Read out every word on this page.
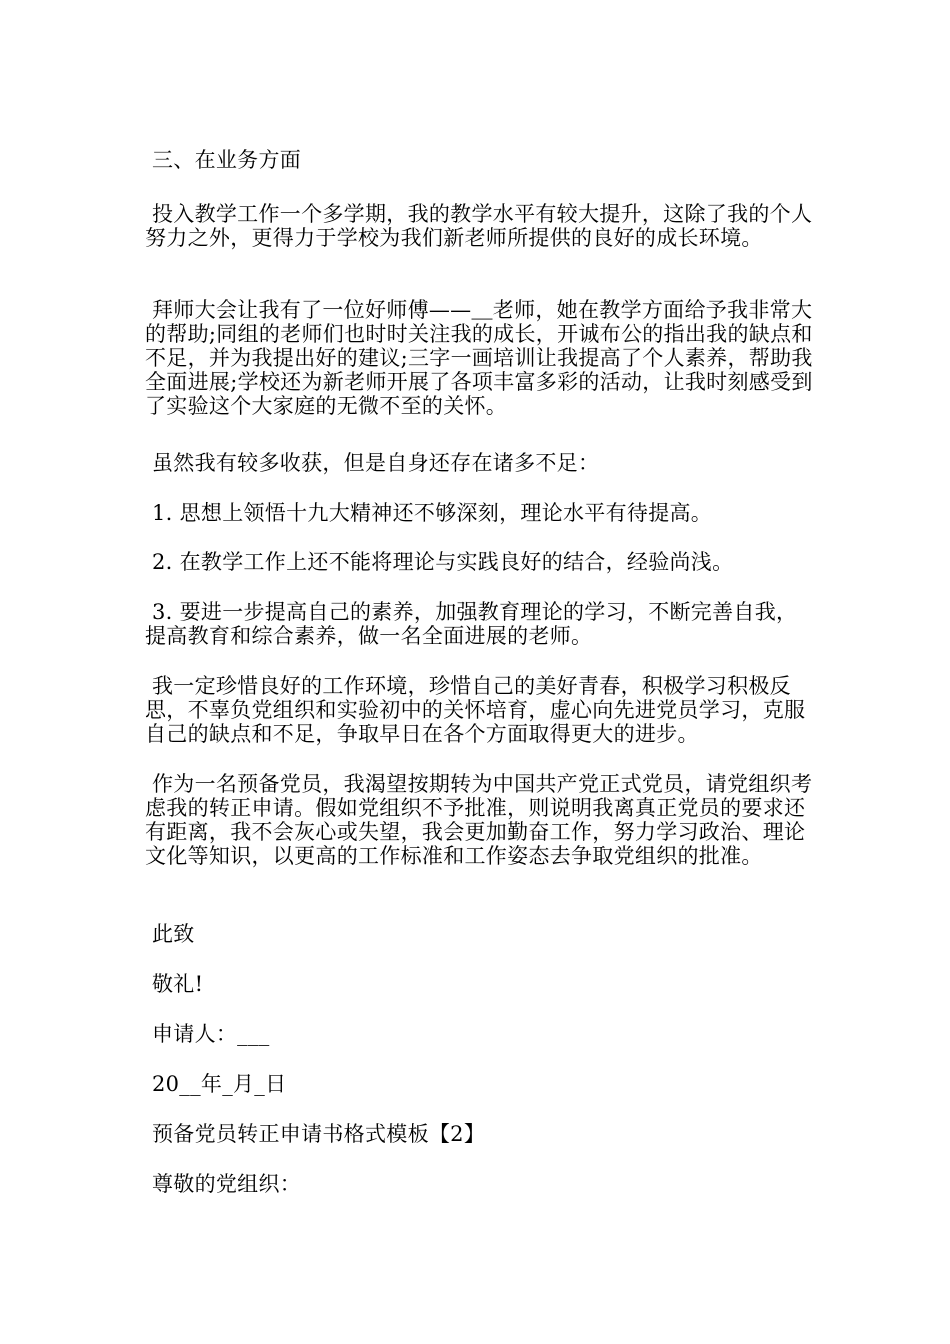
三、在业务方面
投入教学工作一个多学期，我的教学水平有较大提升，这除了我的个人努力之外，更得力于学校为我们新老师所提供的良好的成长环境。
拜师大会让我有了一位好师傅——＿老师，她在教学方面给予我非常大的帮助;同组的老师们也时时关注我的成长，开诚布公的指出我的缺点和不足，并为我提出好的建议;三字一画培训让我提高了个人素养，帮助我全面进展;学校还为新老师开展了各项丰富多彩的活动，让我时刻感受到了实验这个大家庭的无微不至的关怀。
虽然我有较多收获，但是自身还存在诸多不足：
1. 思想上领悟十九大精神还不够深刻，理论水平有待提高。
2. 在教学工作上还不能将理论与实践良好的结合，经验尚浅。
3. 要进一步提高自己的素养，加强教育理论的学习，不断完善自我，提高教育和综合素养，做一名全面进展的老师。
我一定珍惜良好的工作环境，珍惜自己的美好青春，积极学习积极反思，不辜负党组织和实验初中的关怀培育，虚心向先进党员学习，克服自己的缺点和不足，争取早日在各个方面取得更大的进步。
作为一名预备党员，我渴望按期转为中国共产党正式党员，请党组织考虑我的转正申请。假如党组织不予批准，则说明我离真正党员的要求还有距离，我不会灰心或失望，我会更加勤奋工作，努力学习政治、理论文化等知识，以更高的工作标准和工作姿态去争取党组织的批准。
此致
敬礼!
申请人：___
20__年_月_日
预备党员转正申请书格式模板【2】
尊敬的党组织：
